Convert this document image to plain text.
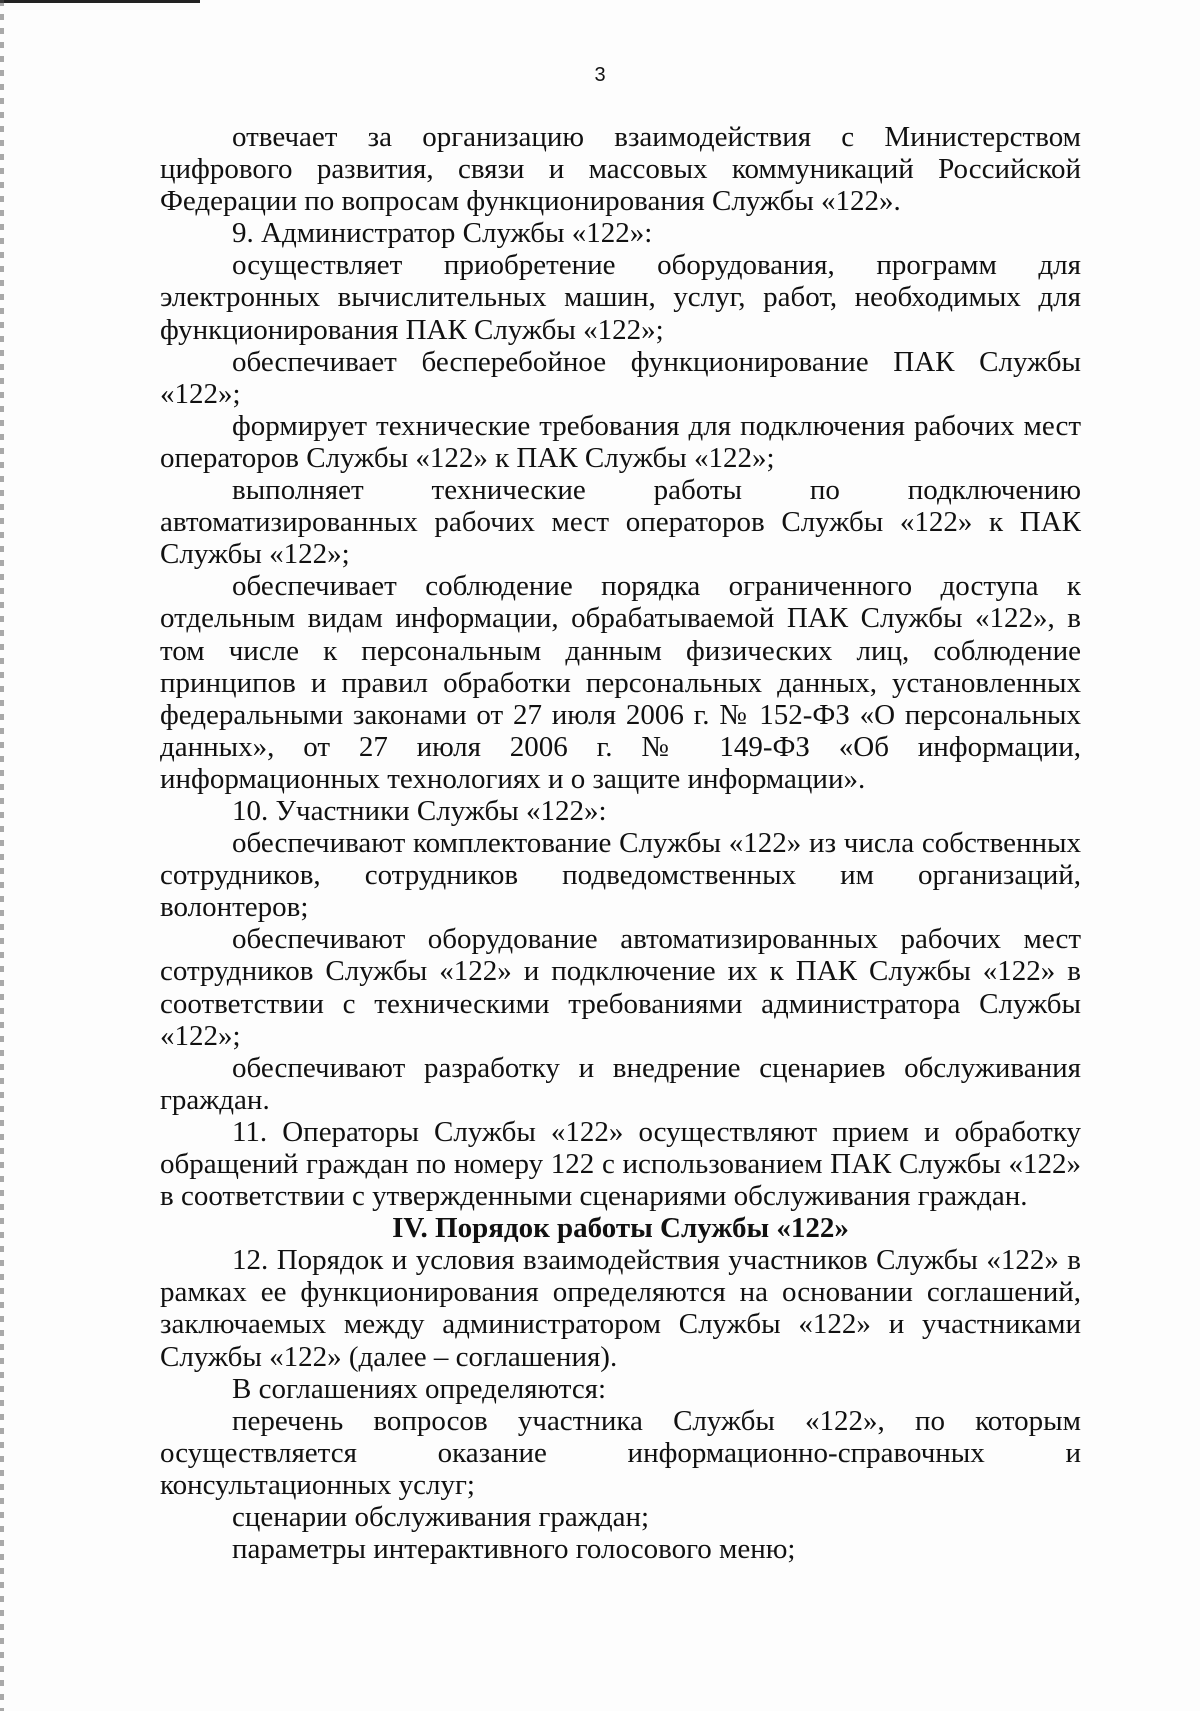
3

отвечает за организацию взаимодействия с Министерством цифрового развития, связи и массовых коммуникаций Российской Федерации по вопросам функционирования Службы «122».

9. Администратор Службы «122»:

осуществляет приобретение оборудования, программ для электронных вычислительных машин, услуг, работ, необходимых для функционирования ПАК Службы «122»;

обеспечивает бесперебойное функционирование ПАК Службы «122»;

формирует технические требования для подключения рабочих мест операторов Службы «122» к ПАК Службы «122»;

выполняет технические работы по подключению автоматизированных рабочих мест операторов Службы «122» к ПАК Службы «122»;

обеспечивает соблюдение порядка ограниченного доступа к отдельным видам информации, обрабатываемой ПАК Службы «122», в том числе к персональным данным физических лиц, соблюдение принципов и правил обработки персональных данных, установленных федеральными законами от 27 июля 2006 г. № 152-ФЗ «О персональных данных», от 27 июля 2006 г. № 149-ФЗ «Об информации, информационных технологиях и о защите информации».

10. Участники Службы «122»:

обеспечивают комплектование Службы «122» из числа собственных сотрудников, сотрудников подведомственных им организаций, волонтеров;

обеспечивают оборудование автоматизированных рабочих мест сотрудников Службы «122» и подключение их к ПАК Службы «122» в соответствии с техническими требованиями администратора Службы «122»;

обеспечивают разработку и внедрение сценариев обслуживания граждан.

11. Операторы Службы «122» осуществляют прием и обработку обращений граждан по номеру 122 с использованием ПАК Службы «122» в соответствии с утвержденными сценариями обслуживания граждан.

IV. Порядок работы Службы «122»

12. Порядок и условия взаимодействия участников Службы «122» в рамках ее функционирования определяются на основании соглашений, заключаемых между администратором Службы «122» и участниками Службы «122» (далее – соглашения).

В соглашениях определяются:

перечень вопросов участника Службы «122», по которым осуществляется оказание информационно-справочных и консультационных услуг;

сценарии обслуживания граждан;

параметры интерактивного голосового меню;
